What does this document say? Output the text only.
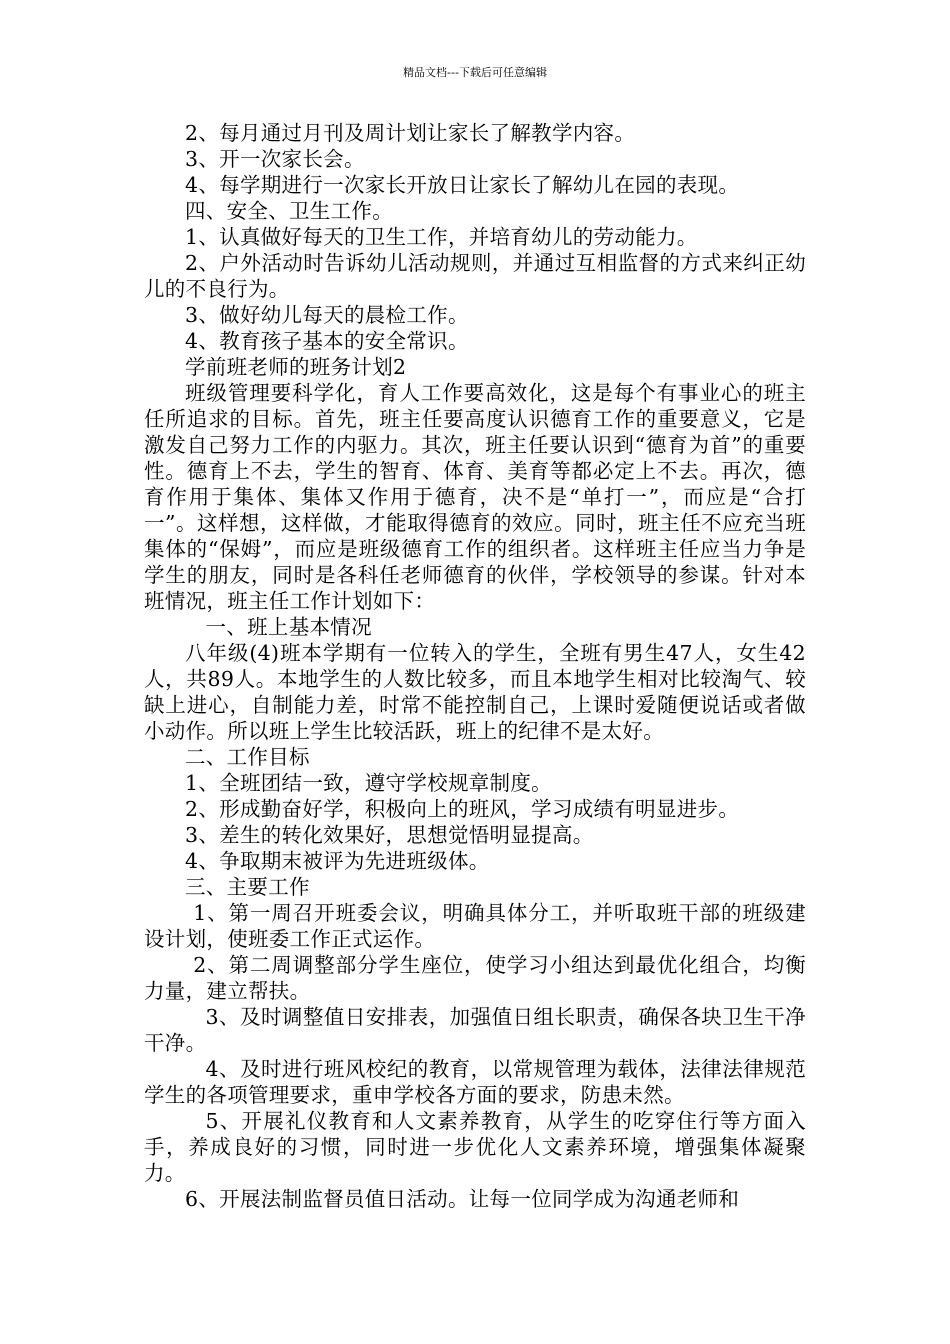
精品文档---下载后可任意编辑

2、每月通过月刊及周计划让家长了解教学内容。

3、开一次家长会。

4、每学期进行一次家长开放日让家长了解幼儿在园的表现。

四、安全、卫生工作。

1、认真做好每天的卫生工作，并培育幼儿的劳动能力。

2、户外活动时告诉幼儿活动规则，并通过互相监督的方式来纠正幼儿的不良行为。

3、做好幼儿每天的晨检工作。

4、教育孩子基本的安全常识。

学前班老师的班务计划2

班级管理要科学化，育人工作要高效化，这是每个有事业心的班主任所追求的目标。首先，班主任要高度认识德育工作的重要意义，它是激发自己努力工作的内驱力。其次，班主任要认识到“德育为首”的重要性。德育上不去，学生的智育、体育、美育等都必定上不去。再次，德育作用于集体、集体又作用于德育，决不是“单打一”，而应是“合打一”。这样想，这样做，才能取得德育的效应。同时，班主任不应充当班集体的“保姆”，而应是班级德育工作的组织者。这样班主任应当力争是学生的朋友，同时是各科任老师德育的伙伴，学校领导的参谋。针对本班情况，班主任工作计划如下：

一、班上基本情况

八年级(4)班本学期有一位转入的学生，全班有男生47人，女生42人，共89人。本地学生的人数比较多，而且本地学生相对比较淘气、较缺上进心，自制能力差，时常不能控制自己，上课时爱随便说话或者做小动作。所以班上学生比较活跃，班上的纪律不是太好。

二、工作目标

1、全班团结一致，遵守学校规章制度。

2、形成勤奋好学，积极向上的班风，学习成绩有明显进步。

3、差生的转化效果好，思想觉悟明显提高。

4、争取期末被评为先进班级体。

三、主要工作

1、第一周召开班委会议，明确具体分工，并听取班干部的班级建设计划，使班委工作正式运作。

2、第二周调整部分学生座位，使学习小组达到最优化组合，均衡力量，建立帮扶。

3、及时调整值日安排表，加强值日组长职责，确保各块卫生干净干净。

4、及时进行班风校纪的教育，以常规管理为载体，法律法律规范学生的各项管理要求，重申学校各方面的要求，防患未然。

5、开展礼仪教育和人文素养教育，从学生的吃穿住行等方面入手，养成良好的习惯，同时进一步优化人文素养环境，增强集体凝聚力。

6、开展法制监督员值日活动。让每一位同学成为沟通老师和
